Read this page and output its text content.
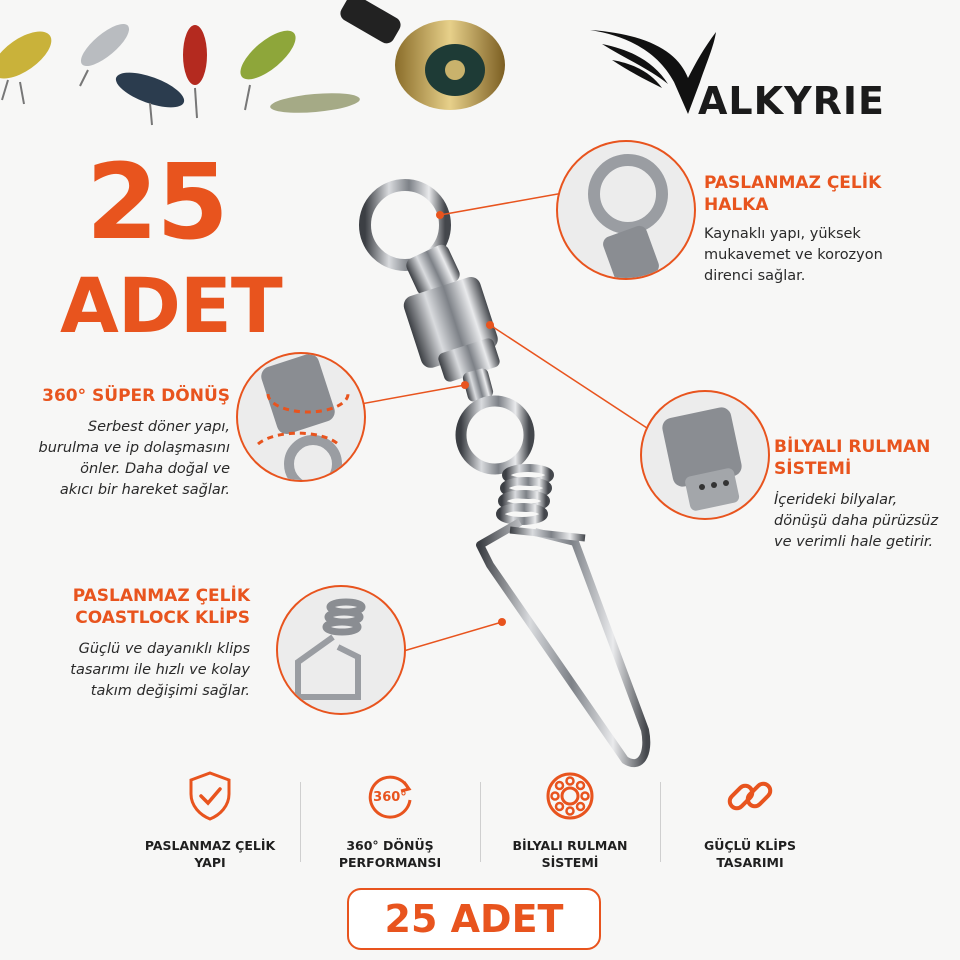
ALKYRIE
25
ADET
PASLANMAZ ÇELİK HALKA
Kaynaklı yapı, yüksek
mukavemet ve korozyon
direnci sağlar.
360° SÜPER DÖNÜŞ
Serbest döner yapı,
burulma ve ip dolaşmasını
önler. Daha doğal ve
akıcı bir hareket sağlar.
BİLYALI RULMAN
SİSTEMİ
İçerideki bilyalar,
dönüşü daha pürüzsüz
ve verimli hale getirir.
PASLANMAZ ÇELİK
COASTLOCK KLİPS
Güçlü ve dayanıklı klips
tasarımı ile hızlı ve kolay
takım değişimi sağlar.
PASLANMAZ ÇELİK
YAPI
360°
360° DÖNÜŞ
PERFORMANSI
BİLYALI RULMAN
SİSTEMİ
GÜÇLÜ KLİPS
TASARIMI
25 ADET
